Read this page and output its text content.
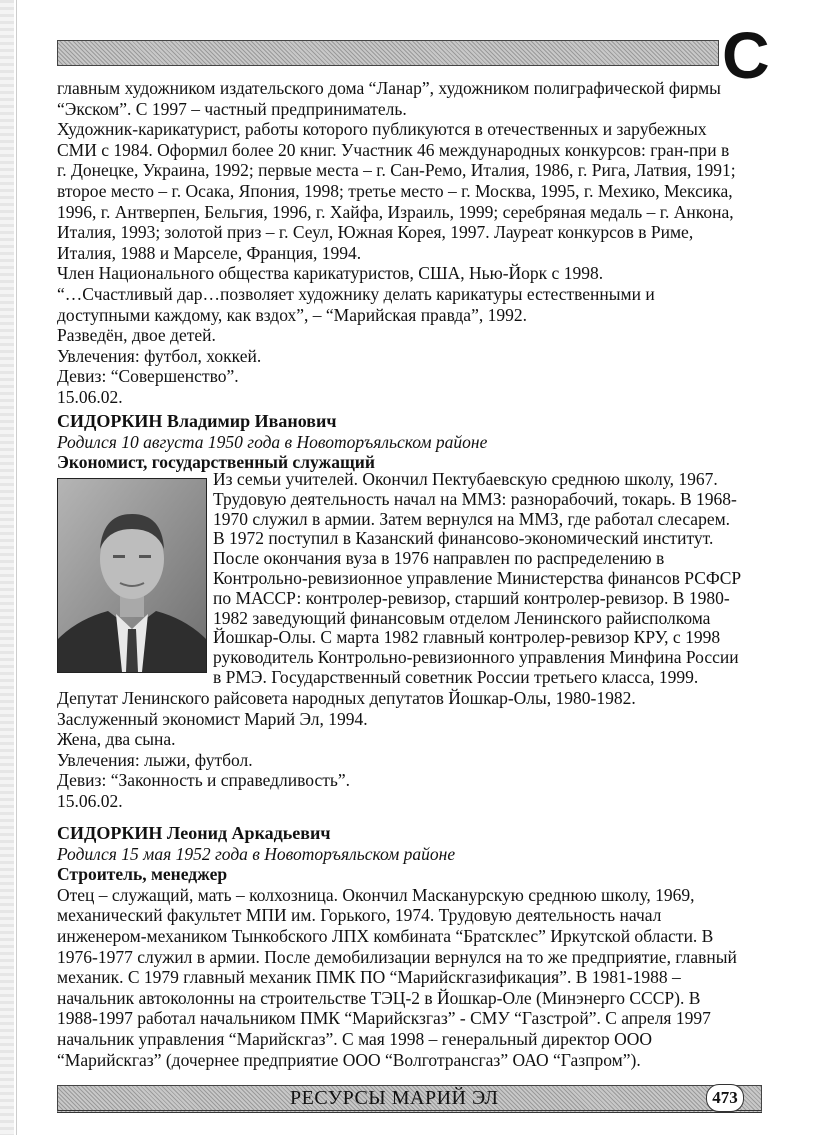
С
главным художником издательского дома “Ланар”, художником полиграфической фирмы
“Экском”. С 1997 – частный предприниматель.
Художник-карикатурист, работы которого публикуются в отечественных и зарубежных
СМИ с 1984. Оформил более 20 книг. Участник 46 международных конкурсов: гран-при в
г. Донецке, Украина, 1992; первые места – г. Сан-Ремо, Италия, 1986, г. Рига, Латвия, 1991;
второе место – г. Осака, Япония, 1998; третье место – г. Москва, 1995, г. Мехико, Мексика,
1996, г. Антверпен, Бельгия, 1996, г. Хайфа, Израиль, 1999; серебряная медаль – г. Анкона,
Италия, 1993; золотой приз – г. Сеул, Южная Корея, 1997. Лауреат конкурсов в Риме,
Италия, 1988 и Марселе, Франция, 1994.
Член Национального общества карикатуристов, США, Нью-Йорк с 1998.
“…Счастливый дар…позволяет художнику делать карикатуры естественными и
доступными каждому, как вздох”, – “Марийская правда”, 1992.
Разведён, двое детей.
Увлечения: футбол, хоккей.
Девиз: “Совершенство”.
15.06.02.
СИДОРКИН Владимир Иванович
Родился 10 августа 1950 года в Новоторъяльском районе
Экономист, государственный служащий
Из семьи учителей. Окончил Пектубаевскую среднюю школу, 1967.
Трудовую деятельность начал на ММЗ: разнорабочий, токарь. В 1968-
1970 служил в армии. Затем вернулся на ММЗ, где работал слесарем.
В 1972 поступил в Казанский финансово-экономический институт.
После окончания вуза в 1976 направлен по распределению в
Контрольно-ревизионное управление Министерства финансов РСФСР
по МАССР: контролер-ревизор, старший контролер-ревизор. В 1980-
1982 заведующий финансовым отделом Ленинского райисполкома
Йошкар-Олы. С марта 1982 главный контролер-ревизор КРУ, с 1998
руководитель Контрольно-ревизионного управления Минфина России
в РМЭ. Государственный советник России третьего класса, 1999.
Депутат Ленинского райсовета народных депутатов Йошкар-Олы, 1980-1982.
Заслуженный экономист Марий Эл, 1994.
Жена, два сына.
Увлечения: лыжи, футбол.
Девиз: “Законность и справедливость”.
15.06.02.
СИДОРКИН Леонид Аркадьевич
Родился 15 мая 1952 года в Новоторъяльском районе
Строитель, менеджер
Отец – служащий, мать – колхозница. Окончил Масканурскую среднюю школу, 1969,
механический факультет МПИ им. Горького, 1974. Трудовую деятельность начал
инженером-механиком Тынкобского ЛПХ комбината “Братсклес” Иркутской области. В
1976-1977 служил в армии. После демобилизации вернулся на то же предприятие, главный
механик. С 1979 главный механик ПМК ПО “Марийскгазификация”. В 1981-1988 –
начальник автоколонны на строительстве ТЭЦ-2 в Йошкар-Оле (Минэнерго СССР). В
1988-1997 работал начальником ПМК “Марийскзгаз” - СМУ “Газстрой”. С апреля 1997
начальник управления “Марийскгаз”. С мая 1998 – генеральный директор ООО
“Марийскгаз” (дочернее предприятие ООО “Волготрансгаз” ОАО “Газпром”).
РЕСУРСЫ МАРИЙ ЭЛ	473
